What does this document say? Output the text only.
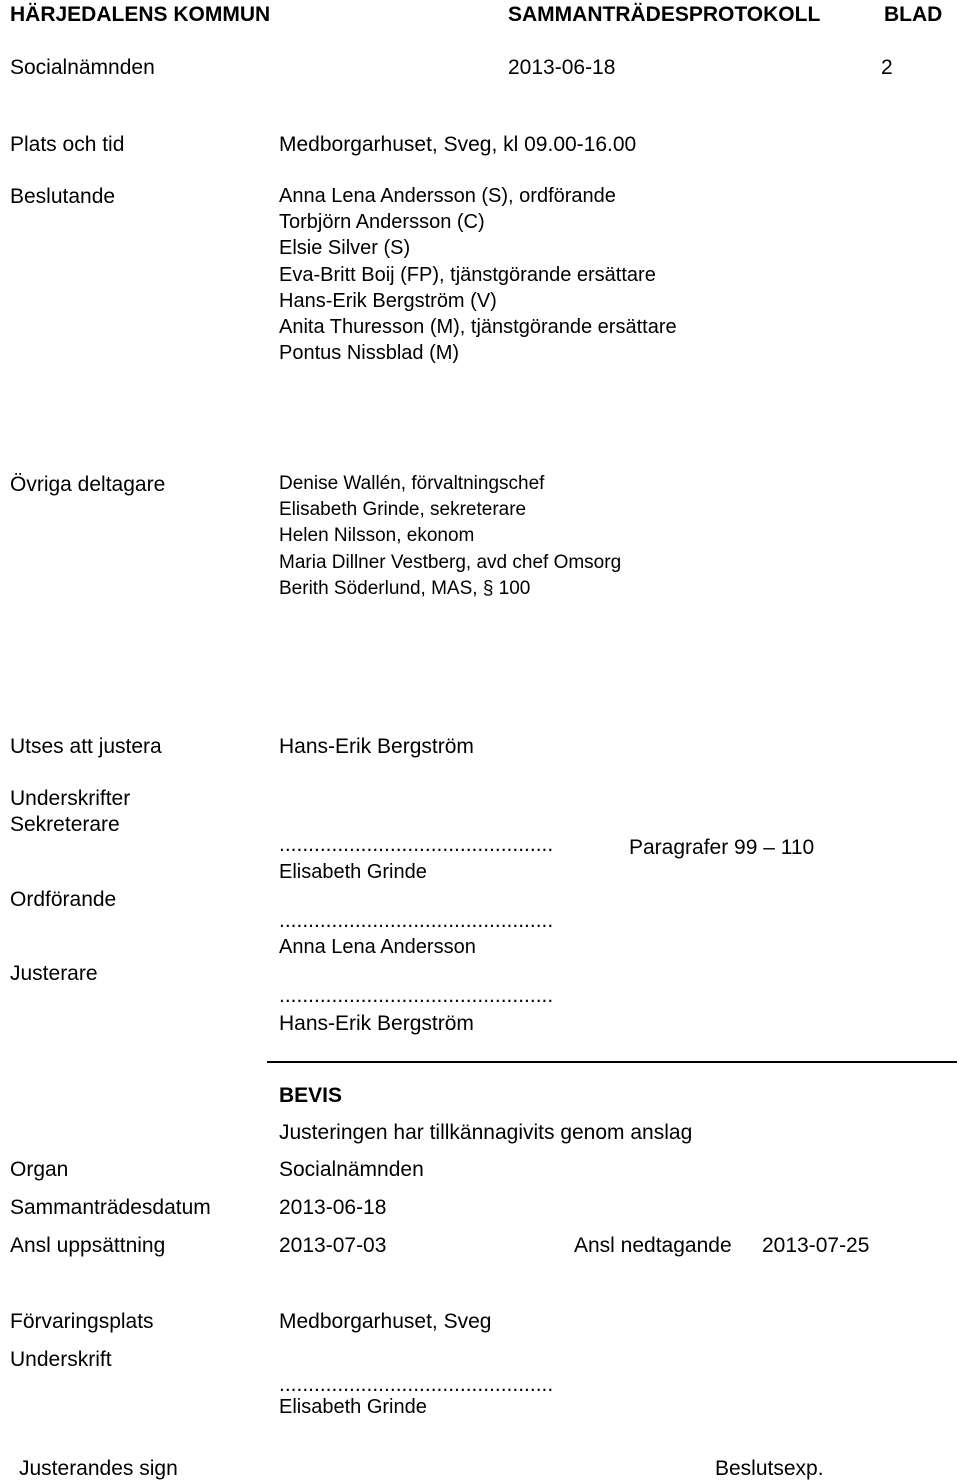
HÄRJEDALENS KOMMUN	SAMMANTRÄDESPROTOKOLL	BLAD
Socialnämnden	2013-06-18	2
Plats och tid	Medborgarhuset, Sveg, kl 09.00-16.00
Beslutande	Anna Lena Andersson (S), ordförande
Torbjörn Andersson (C)
Elsie Silver (S)
Eva-Britt Boij (FP), tjänstgörande ersättare
Hans-Erik Bergström (V)
Anita Thuresson (M), tjänstgörande ersättare
Pontus Nissblad (M)
Övriga deltagare	Denise Wallén, förvaltningschef
Elisabeth Grinde, sekreterare
Helen Nilsson, ekonom
Maria Dillner Vestberg, avd chef Omsorg
Berith Söderlund, MAS, § 100
Utses att justera	Hans-Erik Bergström
Underskrifter
Sekreterare
...............................................	Paragrafer 99 – 110
Elisabeth Grinde
Ordförande
...............................................
Anna Lena Andersson
Justerare
...............................................
Hans-Erik Bergström
BEVIS
Justeringen har tillkännagivits genom anslag
Organ	Socialnämnden
Sammanträdesdatum	2013-06-18
Ansl uppsättning	2013-07-03	Ansl nedtagande 2013-07-25
Förvaringsplats	Medborgarhuset, Sveg
Underskrift
...............................................
Elisabeth Grinde
Justerandes sign	Beslutsexp.
